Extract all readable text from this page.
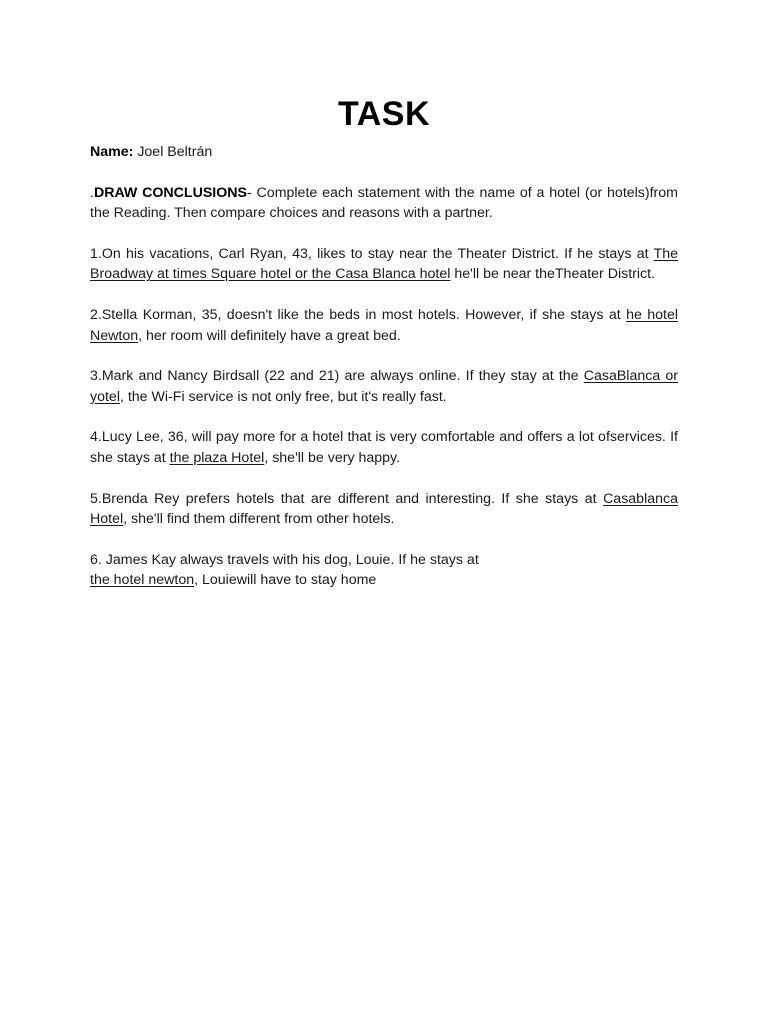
TASK

Name: Joel Beltrán

.DRAW CONCLUSIONS- Complete each statement with the name of a hotel (or hotels)from the Reading. Then compare choices and reasons with a partner.

1.On his vacations, Carl Ryan, 43, likes to stay near the Theater District. If he stays at The Broadway at times Square hotel or the Casa Blanca hotel he'll be near theTheater District.

2.Stella Korman, 35, doesn't like the beds in most hotels. However, if she stays at he hotel Newton, her room will definitely have a great bed.

3.Mark and Nancy Birdsall (22 and 21) are always online. If they stay at the CasaBlanca or yotel, the Wi-Fi service is not only free, but it's really fast.

4.Lucy Lee, 36, will pay more for a hotel that is very comfortable and offers a lot ofservices. If she stays at the plaza Hotel, she'll be very happy.

5.Brenda Rey prefers hotels that are different and interesting. If she stays at Casablanca Hotel, she'll find them different from other hotels.

6. James Kay always travels with his dog, Louie. If he stays at
the hotel newton, Louiewill have to stay home
